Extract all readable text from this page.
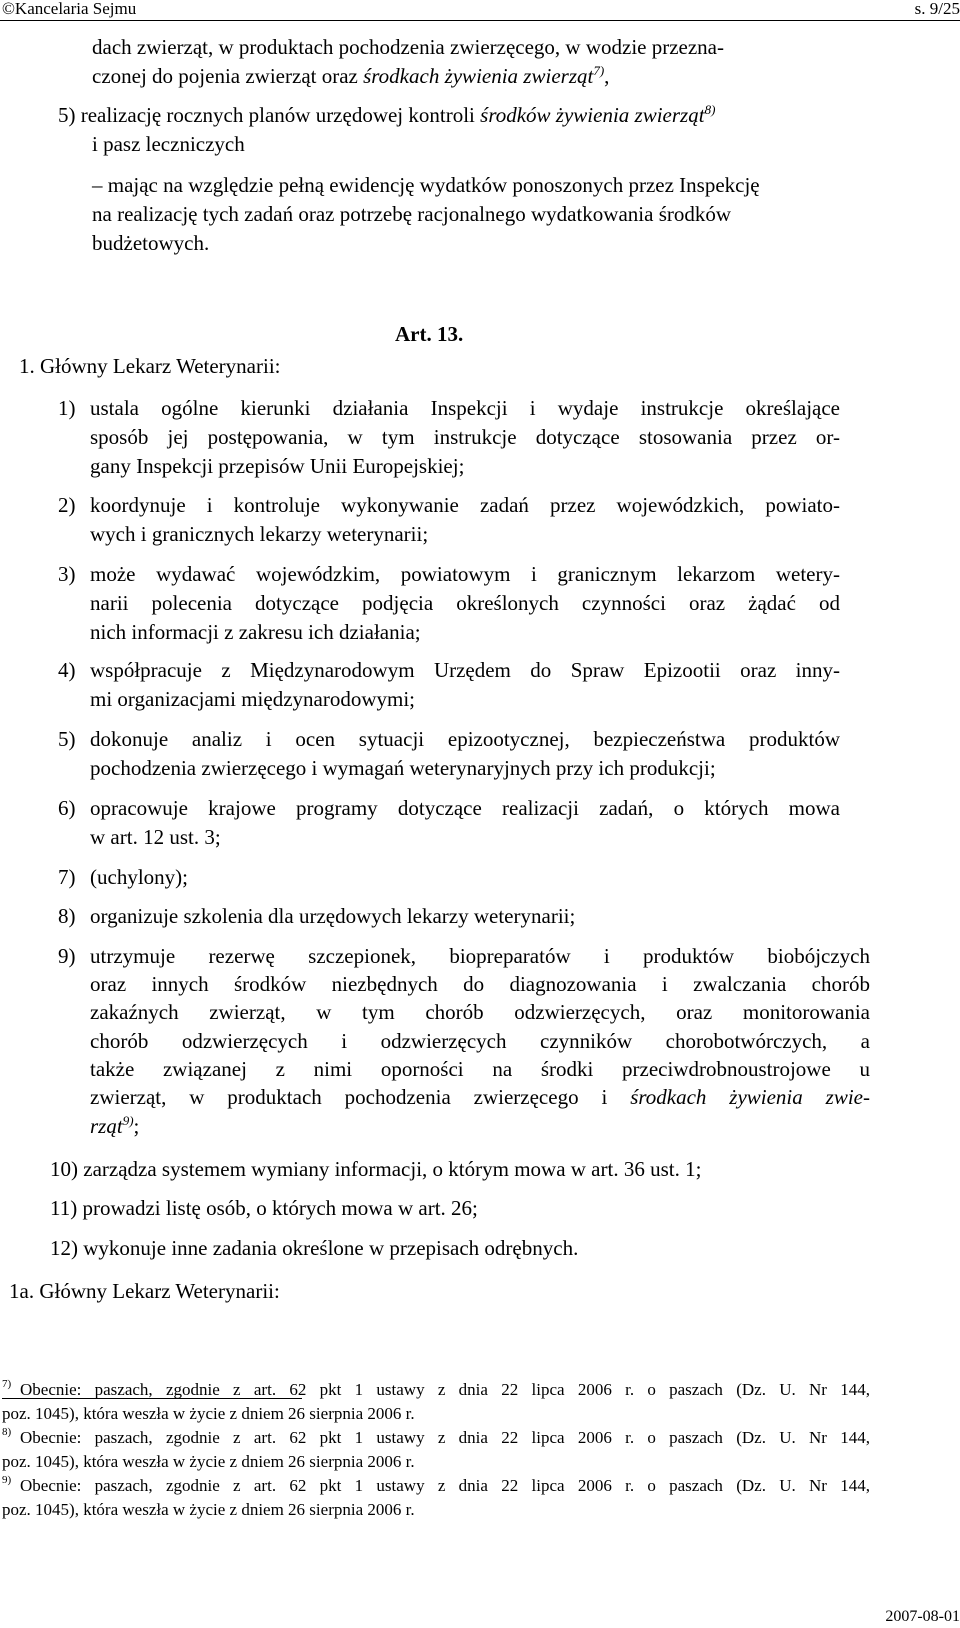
©Kancelaria Sejmu	s. 9/25
dach zwierząt, w produktach pochodzenia zwierzęcego, w wodzie przezna-
czonej do pojenia zwierząt oraz środkach żywienia zwierząt$^{7)}$,
5) realizację rocznych planów urzędowej kontroli środków żywienia zwierząt$^{8)}$
i pasz leczniczych
– mając na względzie pełną ewidencję wydatków ponoszonych przez Inspekcję
na realizację tych zadań oraz potrzebę racjonalnego wydatkowania środków
budżetowych.
Art. 13.
1. Główny Lekarz Weterynarii:
1) ustala ogólne kierunki działania Inspekcji i wydaje instrukcje określające
sposób jej postępowania, w tym instrukcje dotyczące stosowania przez or-
gany Inspekcji przepisów Unii Europejskiej;
2) koordynuje i kontroluje wykonywanie zadań przez wojewódzkich, powiato-
wych i granicznych lekarzy weterynarii;
3) może wydawać wojewódzkim, powiatowym i granicznym lekarzom wetery-
narii polecenia dotyczące podjęcia określonych czynności oraz żądać od
nich informacji z zakresu ich działania;
4) współpracuje z Międzynarodowym Urzędem do Spraw Epizootii oraz inny-
mi organizacjami międzynarodowymi;
5) dokonuje analiz i ocen sytuacji epizootycznej, bezpieczeństwa produktów
pochodzenia zwierzęcego i wymagań weterynaryjnych przy ich produkcji;
6) opracowuje krajowe programy dotyczące realizacji zadań, o których mowa
w art. 12 ust. 3;
7) (uchylony);
8) organizuje szkolenia dla urzędowych lekarzy weterynarii;
9) utrzymuje rezerwę szczepionek, biopreparatów i produktów biobójczych
oraz innych środków niezbędnych do diagnozowania i zwalczania chorób
zakaźnych zwierząt, w tym chorób odzwierzęcych, oraz monitorowania
chorób odzwierzęcych i odzwierzęcych czynników chorobotwórczych, a
także związanej z nimi oporności na środki przeciwdrobnoustrojowe u
zwierząt, w produktach pochodzenia zwierzęcego i środkach żywienia zwie-
rząt$^{9)}$;
10) zarządza systemem wymiany informacji, o którym mowa w art. 36 ust. 1;
11) prowadzi listę osób, o których mowa w art. 26;
12) wykonuje inne zadania określone w przepisach odrębnych.
1a. Główny Lekarz Weterynarii:
7) Obecnie: paszach, zgodnie z art. 62 pkt 1 ustawy z dnia 22 lipca 2006 r. o paszach (Dz. U. Nr 144,
poz. 1045), która weszła w życie z dniem 26 sierpnia 2006 r.
8) Obecnie: paszach, zgodnie z art. 62 pkt 1 ustawy z dnia 22 lipca 2006 r. o paszach (Dz. U. Nr 144,
poz. 1045), która weszła w życie z dniem 26 sierpnia 2006 r.
9) Obecnie: paszach, zgodnie z art. 62 pkt 1 ustawy z dnia 22 lipca 2006 r. o paszach (Dz. U. Nr 144,
poz. 1045), która weszła w życie z dniem 26 sierpnia 2006 r.
2007-08-01
